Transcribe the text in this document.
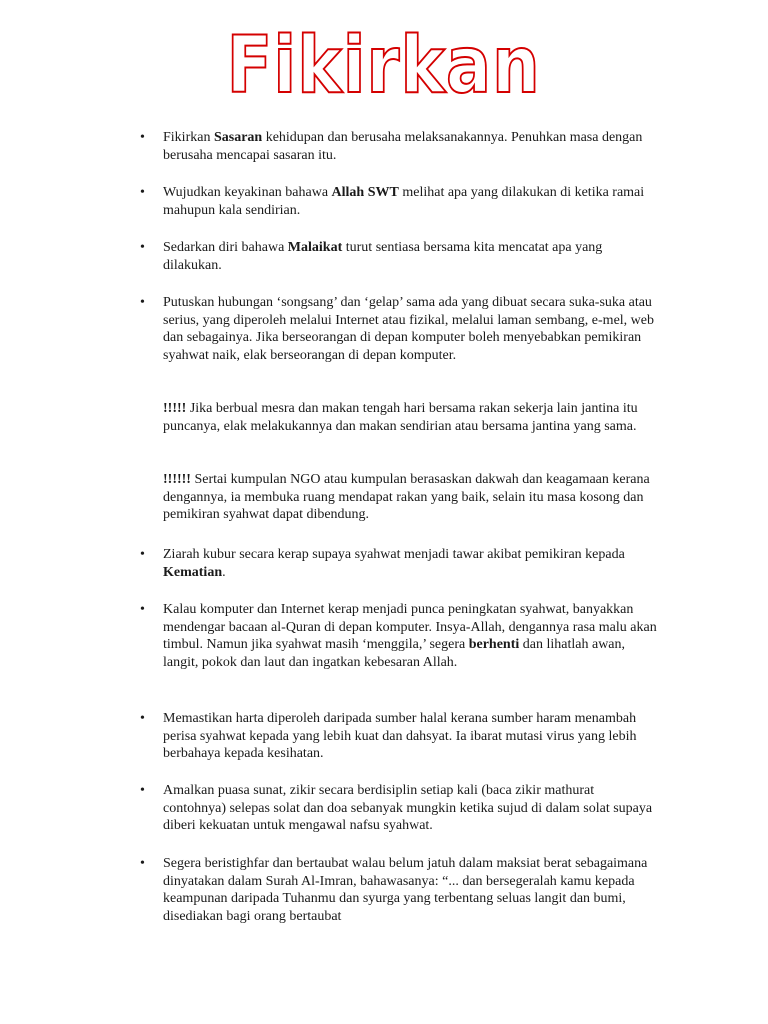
Fikirkan
•
Fikirkan Sasaran kehidupan dan berusaha melaksanakannya. Penuhkan masa dengan berusaha mencapai sasaran itu.
•
Wujudkan keyakinan bahawa Allah SWT melihat apa yang dilakukan di ketika ramai mahupun kala sendirian.
•
Sedarkan diri bahawa Malaikat turut sentiasa bersama kita mencatat apa yang dilakukan.
•
Putuskan hubungan ‘songsang’ dan ‘gelap’ sama ada yang dibuat secara suka-suka atau serius, yang diperoleh melalui Internet atau fizikal, melalui laman sembang, e-mel, web dan sebagainya. Jika berseorangan di depan komputer boleh menyebabkan pemikiran syahwat naik, elak berseorangan di depan komputer.
!!!!! Jika berbual mesra dan makan tengah hari bersama rakan sekerja lain jantina itu puncanya, elak melakukannya dan makan sendirian atau bersama jantina yang sama.
!!!!!! Sertai kumpulan NGO atau kumpulan berasaskan dakwah dan keagamaan kerana dengannya, ia membuka ruang mendapat rakan yang baik, selain itu masa kosong dan pemikiran syahwat dapat dibendung.
•
Ziarah kubur secara kerap supaya syahwat menjadi tawar akibat pemikiran kepada Kematian.
•
Kalau komputer dan Internet kerap menjadi punca peningkatan syahwat, banyakkan mendengar bacaan al-Quran di depan komputer. Insya-Allah, dengannya rasa malu akan timbul. Namun jika syahwat masih ‘menggila,’ segera berhenti dan lihatlah awan, langit, pokok dan laut dan ingatkan kebesaran Allah.
•
Memastikan harta diperoleh daripada sumber halal kerana sumber haram menambah perisa syahwat kepada yang lebih kuat dan dahsyat. Ia ibarat mutasi virus yang lebih berbahaya kepada kesihatan.
•
Amalkan puasa sunat, zikir secara berdisiplin setiap kali (baca zikir mathurat contohnya) selepas solat dan doa sebanyak mungkin ketika sujud di dalam solat supaya diberi kekuatan untuk mengawal nafsu syahwat.
•
Segera beristighfar dan bertaubat walau belum jatuh dalam maksiat berat sebagaimana dinyatakan dalam Surah Al-Imran, bahawasanya: “... dan bersegeralah kamu kepada keampunan daripada Tuhanmu dan syurga yang terbentang seluas langit dan bumi, disediakan bagi orang bertaubat
